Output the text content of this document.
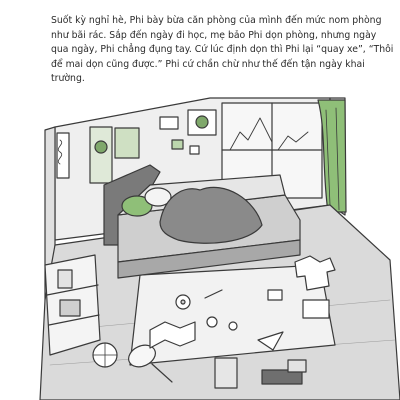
Suốt kỳ nghỉ hè, Phi bày bừa căn phòng của mình đến mức nom phòng
như bãi rác. Sắp đến ngày đi học, mẹ bảo Phi dọn phòng, nhưng ngày
qua ngày, Phi chẳng đụng tay. Cứ lúc định dọn thì Phi lại “quay xe”, “Thôi
để mai dọn cũng được.” Phi cứ chần chừ như thế đến tận ngày khai
trường.
